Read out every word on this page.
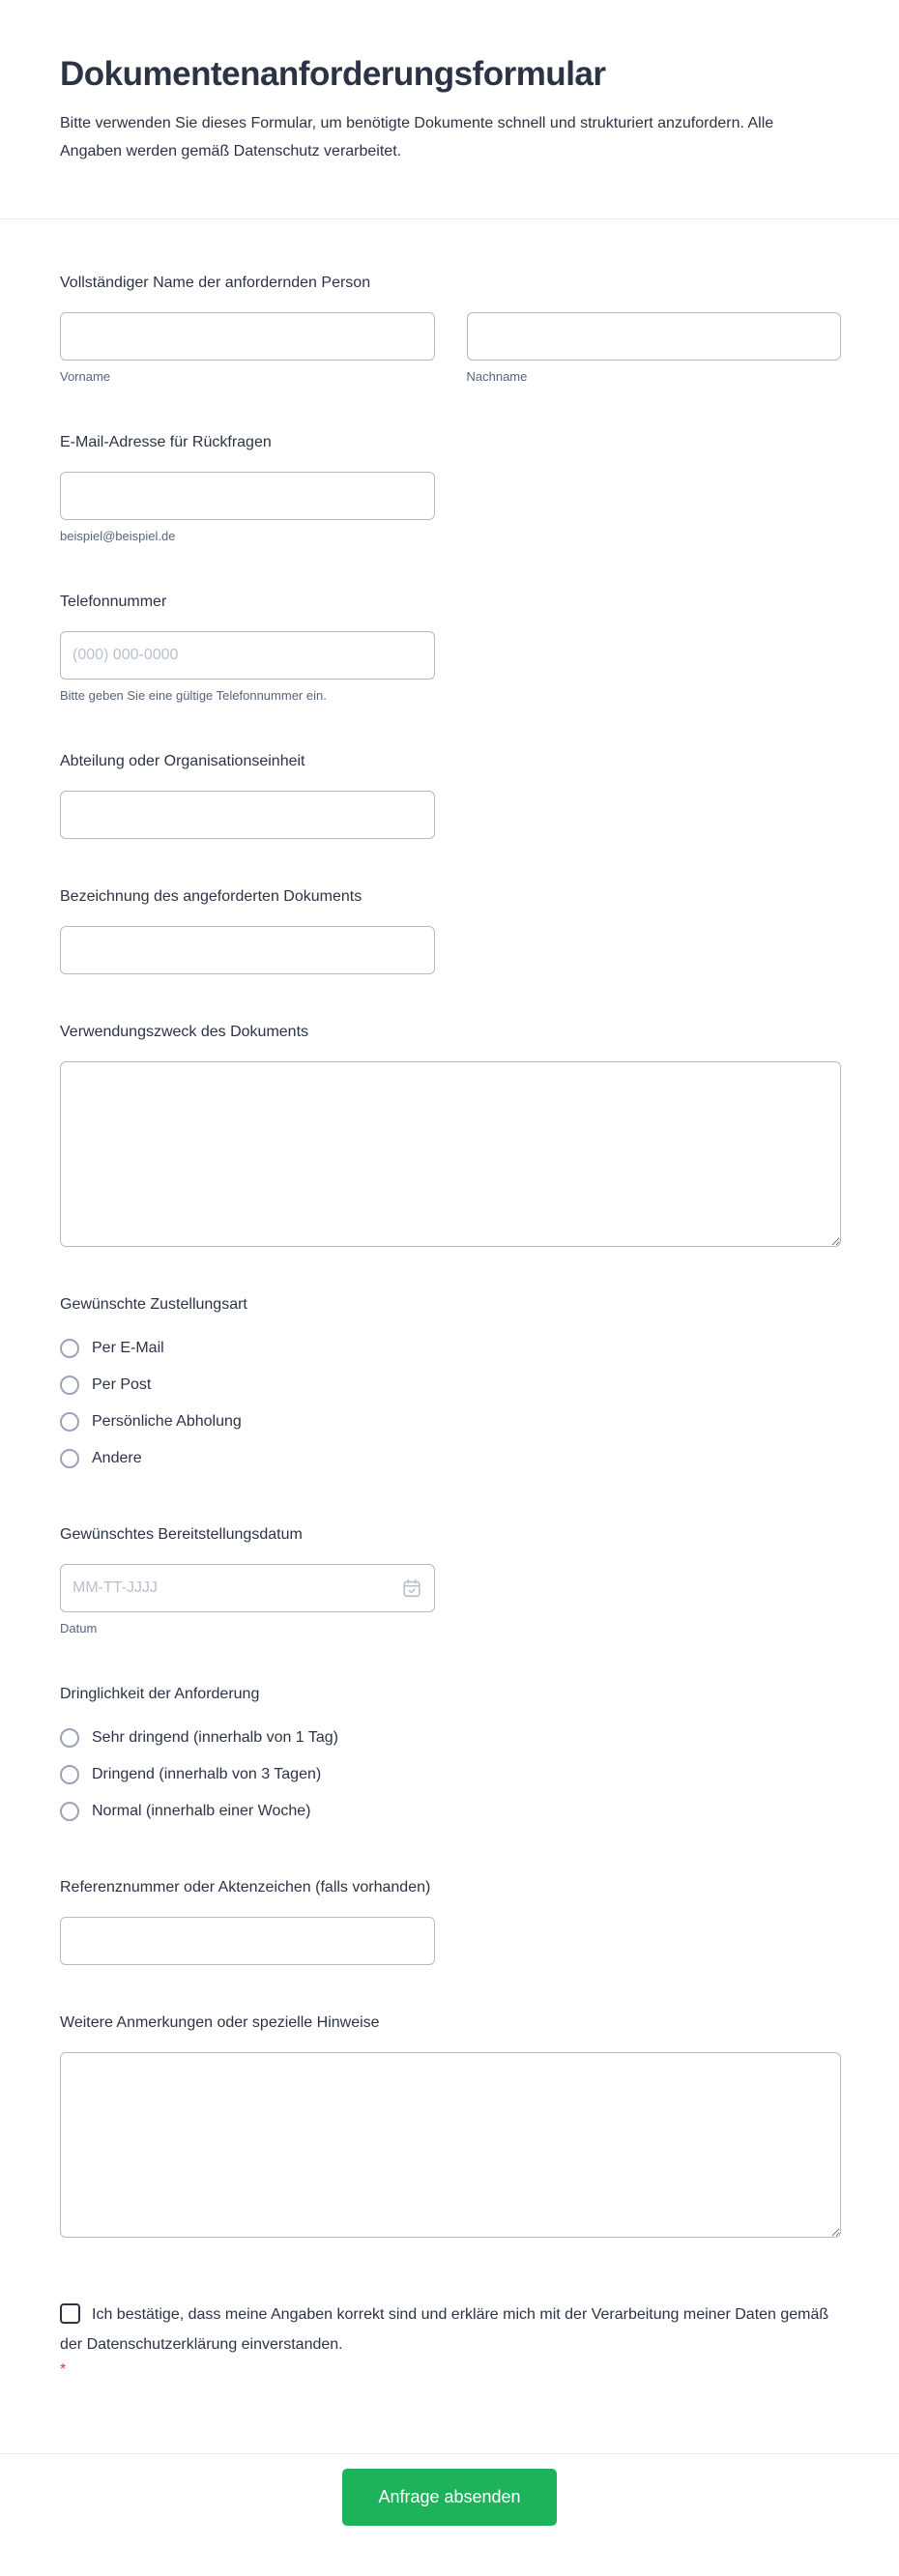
Dokumentenanforderungsformular

Bitte verwenden Sie dieses Formular, um benötigte Dokumente schnell und strukturiert anzufordern. Alle Angaben werden gemäß Datenschutz verarbeitet.

Vollständiger Name der anfordernden Person
Vorname	Nachname
E-Mail-Adresse für Rückfragen
beispiel@beispiel.de
Telefonnummer
(000) 000-0000
Bitte geben Sie eine gültige Telefonnummer ein.
Abteilung oder Organisationseinheit
Bezeichnung des angeforderten Dokuments
Verwendungszweck des Dokuments
Gewünschte Zustellungsart
Per E-Mail
Per Post
Persönliche Abholung
Andere
Gewünschtes Bereitstellungsdatum
MM-TT-JJJJ
Datum
Dringlichkeit der Anforderung
Sehr dringend (innerhalb von 1 Tag)
Dringend (innerhalb von 3 Tagen)
Normal (innerhalb einer Woche)
Referenznummer oder Aktenzeichen (falls vorhanden)
Weitere Anmerkungen oder spezielle Hinweise
Ich bestätige, dass meine Angaben korrekt sind und erkläre mich mit der Verarbeitung meiner Daten gemäß der Datenschutzerklärung einverstanden.
*
Anfrage absenden
